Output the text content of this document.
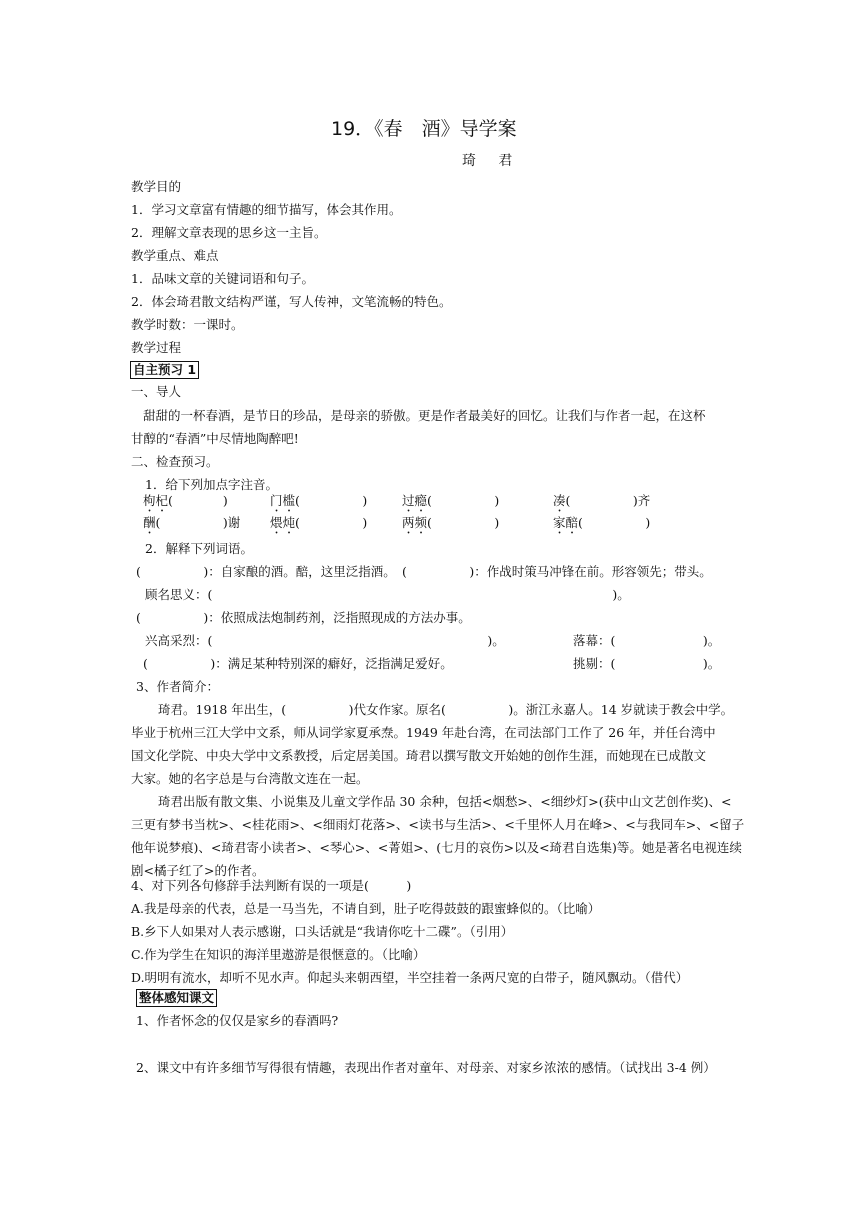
19．《春　酒》导学案
琦　君
教学目的
1．学习文章富有情趣的细节描写，体会其作用。
2．理解文章表现的思乡这一主旨。
教学重点、难点
1．品味文章的关键词语和句子。
2．体会琦君散文结构严谨，写人传神，文笔流畅的特色。
教学时数：一课时。
教学过程
自主预习 1
一、导人
甜甜的一杯春酒，是节日的珍品，是母亲的骄傲。更是作者最美好的回忆。让我们与作者一起，在这杯
甘醇的“春酒”中尽情地陶醉吧!
二、检查预习。
1．给下列加点字注音。
枸杞(　　　　)	门槛(　　　　　)	过瘾(　　　　　)	凑(　　　　　)齐
酬(　　　　　)谢 煨炖(　　　　　)	两频(　　　　　)	家醅(　　　　　)
2．解释下列词语。
(　　　　　)：自家酿的酒。醅，这里泛指酒。　(　　　　　)：作战时策马冲锋在前。形容领先；带头。
顾名思义：(　　　　　　　　　　　　　　　　　　　　　　　　　　　　　　　　)。
(　　　　　)：依照成法炮制药剂，泛指照现成的方法办事。
兴高采烈：(　　　　　　　　　　　　　　　　　　　　　　)。	落幕：(　　　　　　　)。
(　　　　　)：满足某种特别深的癖好，泛指满足爱好。	挑剔：(　　　　　　　)。
3、作者简介：
琦君。1918 年出生，(　　　　　)代女作家。原名(　　　　　)。浙江永嘉人。14 岁就读于教会中学。
毕业于杭州三江大学中文系，师从词学家夏承焘。1949 年赴台湾，在司法部门工作了 26 年，并任台湾中
国文化学院、中央大学中文系教授，后定居美国。琦君以撰写散文开始她的创作生涯，而她现在已成散文
大家。她的名字总是与台湾散文连在一起。
琦君出版有散文集、小说集及儿童文学作品 30 余种，包括<烟愁>、<细纱灯>(获中山文艺创作奖)、<
三更有梦书当枕>、<桂花雨>、<细雨灯花落>、<读书与生活>、<千里怀人月在峰>、<与我同车>、<留子
他年说梦痕)、<琦君寄小读者>、<琴心>、<菁姐>、(七月的哀伤>以及<琦君自选集)等。她是著名电视连续
剧<橘子红了>的作者。
4、对下列各句修辞手法判断有误的一项是(　　　)
A.我是母亲的代表，总是一马当先，不请自到，肚子吃得鼓鼓的跟蜜蜂似的。（比喻）
B.乡下人如果对人表示感谢，口头话就是“我请你吃十二碟”。（引用）
C.作为学生在知识的海洋里遨游是很惬意的。（比喻）
D.明明有流水，却听不见水声。仰起头来朝西望，半空挂着一条两尺宽的白带子，随风飘动。（借代）
整体感知课文
1、作者怀念的仅仅是家乡的春酒吗?
2、课文中有许多细节写得很有情趣，表现出作者对童年、对母亲、对家乡浓浓的感情。（试找出 3-4 例）
